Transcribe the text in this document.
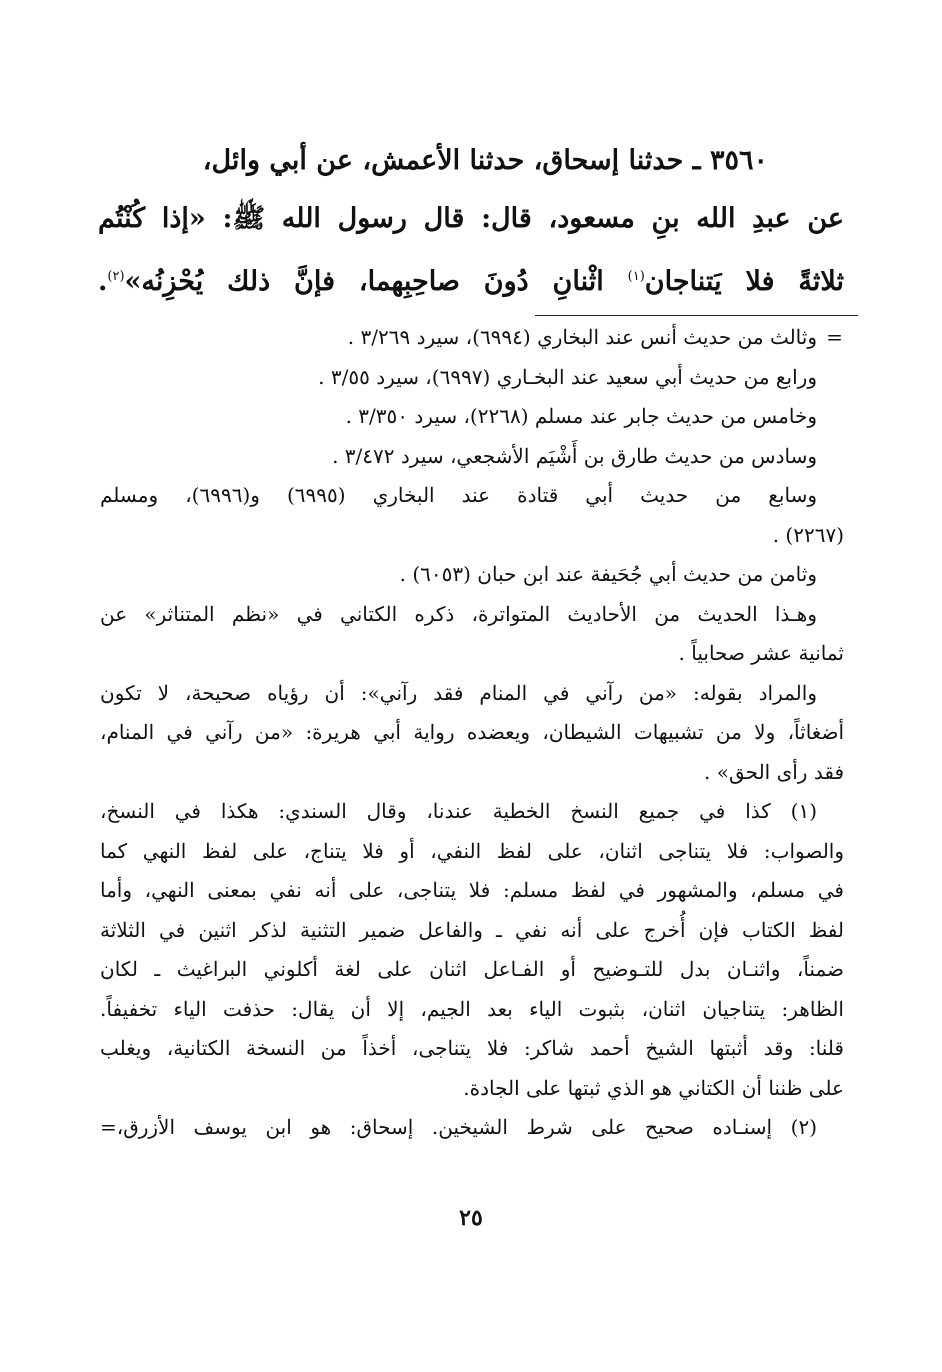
٣٥٦٠ ـ حدثنا إسحاق، حدثنا الأعمش، عن أبي وائل،
عن عبدِ الله بنِ مسعود، قال: قال رسول الله ﷺ: «إذا كُنْتُم
ثلاثةً فلا يَتناجان$^{(١)}$ اثْنانِ دُونَ صاحِبِهما، فإنَّ ذلك يُحْزِنُه»$^{(٢)}$.
=وثالث من حديث أنس عند البخاري (٦٩٩٤)، سيرد ٣/٢٦٩ .
ورابع من حديث أبي سعيد عند البخـاري (٦٩٩٧)، سيرد ٣/٥٥ .
وخامس من حديث جابر عند مسلم (٢٢٦٨)، سيرد ٣/٣٥٠ .
وسادس من حديث طارق بن أَشْيَم الأشجعي، سيرد ٣/٤٧٢ .
وسابع من حديث أبي قتادة عند البخاري (٦٩٩٥) و(٦٩٩٦)، ومسلم
(٢٢٦٧) .
وثامن من حديث أبي جُحَيفة عند ابن حبان (٦٠٥٣) .
وهـذا الحديث من الأحاديث المتواترة، ذكره الكتاني في «نظم المتناثر» عن
ثمانية عشر صحابياً .
والمراد بقوله: «من رآني في المنام فقد رآني»: أن رؤياه صحيحة، لا تكون
أضغاثاً، ولا من تشبيهات الشيطان، ويعضده رواية أبي هريرة: «من رآني في المنام،
فقد رأى الحق» .
(١) كذا في جميع النسخ الخطية عندنا، وقال السندي: هكذا في النسخ،
والصواب: فلا يتناجى اثنان، على لفظ النفي، أو فلا يتناج، على لفظ النهي كما
في مسلم، والمشهور في لفظ مسلم: فلا يتناجى، على أنه نفي بمعنى النهي، وأما
لفظ الكتاب فإن أُخرج على أنه نفي ـ والفاعل ضمير التثنية لذكر اثنين في الثلاثة
ضمناً، واثنـان بدل للتـوضيح أو الفـاعل اثنان على لغة أكلوني البراغيث ـ لكان
الظاهر: يتناجيان اثنان، بثبوت الياء بعد الجيم، إلا أن يقال: حذفت الياء تخفيفاً.
قلنا: وقد أثبتها الشيخ أحمد شاكر: فلا يتناجى، أخذاً من النسخة الكتانية، ويغلب
على ظننا أن الكتاني هو الذي ثبتها على الجادة.
(٢) إسنـاده صحيح على شرط الشيخين. إسحاق: هو ابن يوسف الأزرق،=
٢٥
